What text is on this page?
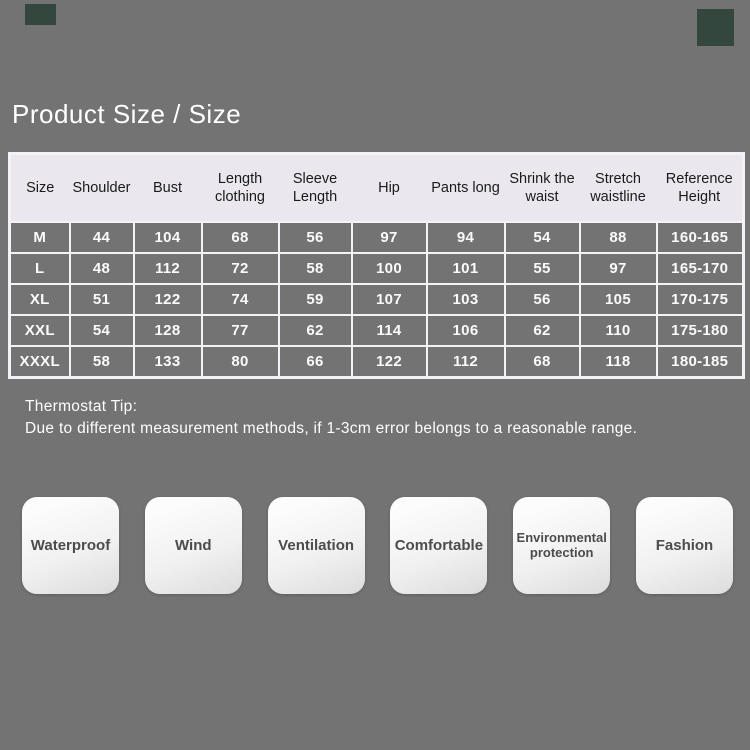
Product Size / Size
Size	Shoulder	Bust	Length clothing	Sleeve Length	Hip	Pants long	Shrink the waist	Stretch waistline	Reference Height
M	44	104	68	56	97	94	54	88	160-165
L	48	112	72	58	100	101	55	97	165-170
XL	51	122	74	59	107	103	56	105	170-175
XXL	54	128	77	62	114	106	62	110	175-180
XXXL	58	133	80	66	122	112	68	118	180-185
Thermostat Tip:
Due to different measurement methods, if 1-3cm error belongs to a reasonable range.
Waterproof	Wind	Ventilation	Comfortable	Environmental protection	Fashion
